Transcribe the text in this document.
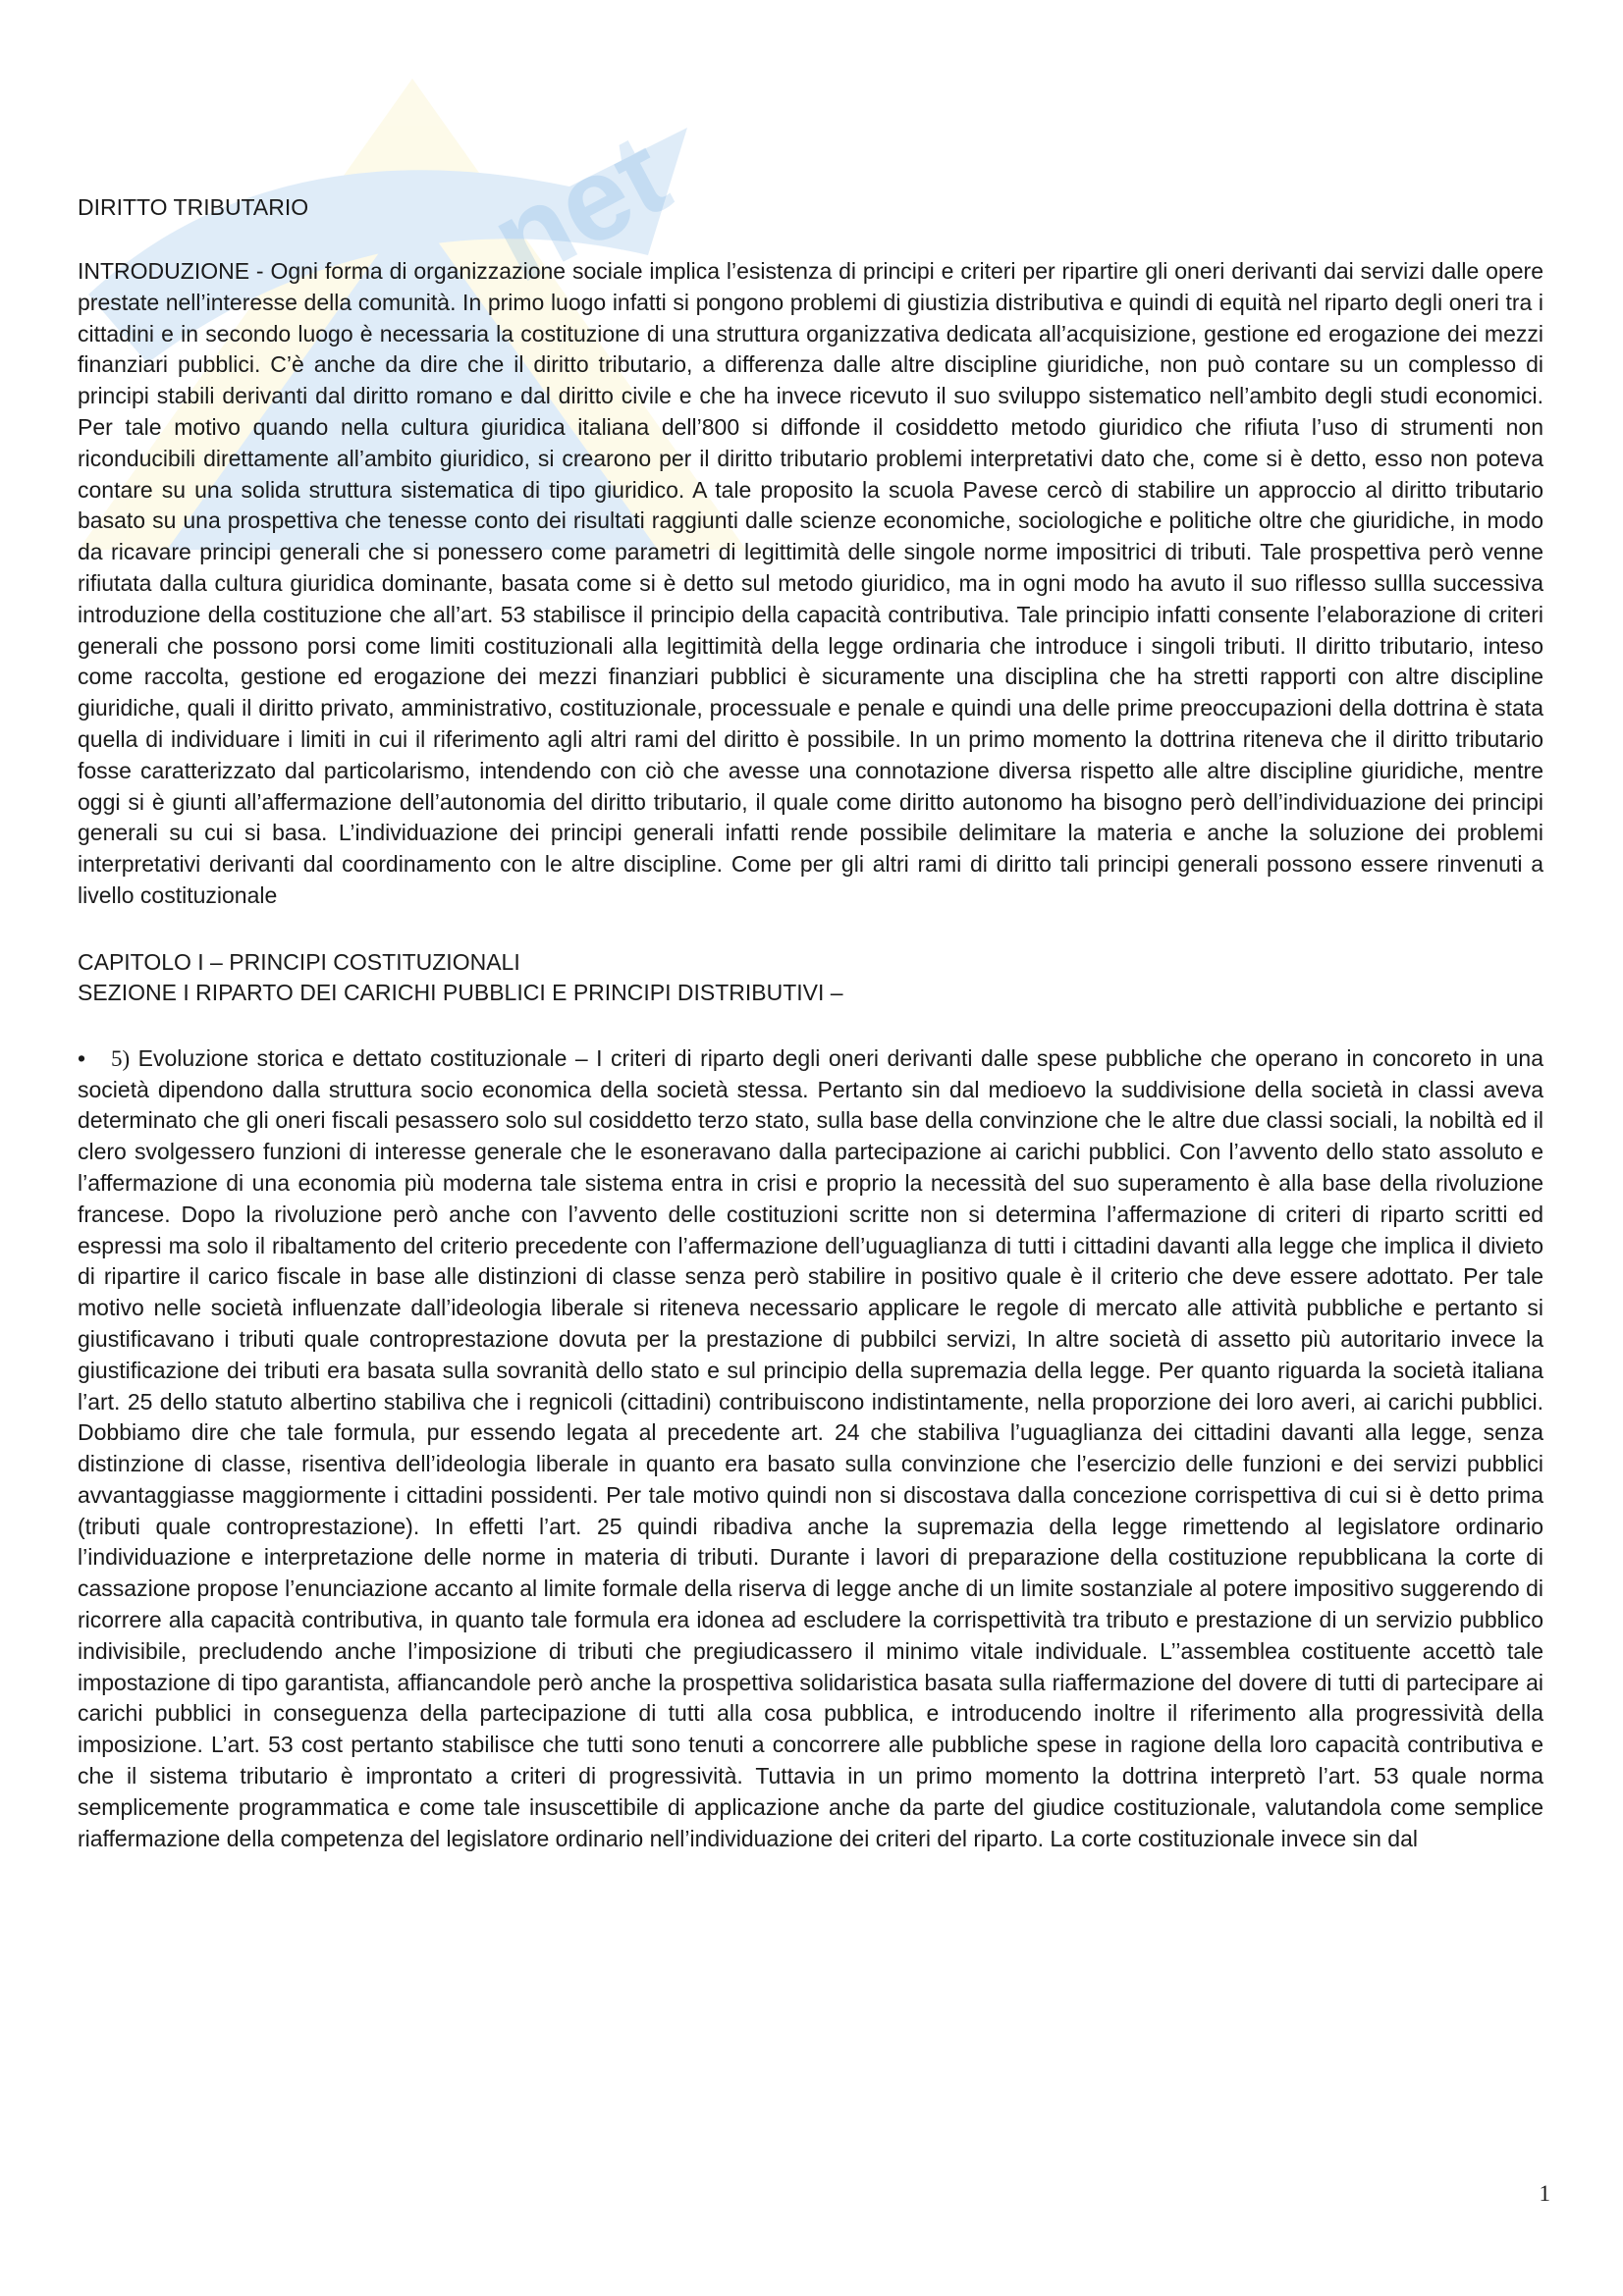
net
DIRITTO TRIBUTARIO

INTRODUZIONE - Ogni forma di organizzazione sociale implica l’esistenza di principi e criteri per ripartire gli oneri derivanti dai servizi dalle opere prestate nell’interesse della comunità. In primo luogo infatti si pongono problemi di giustizia distributiva e quindi di equità nel riparto degli oneri tra i cittadini e in secondo luogo è necessaria la costituzione di una struttura organizzativa dedicata all’acquisizione, gestione ed erogazione dei mezzi finanziari pubblici. C’è anche da dire che il diritto tributario, a differenza dalle altre discipline giuridiche, non può contare su un complesso di principi stabili derivanti dal diritto romano e dal diritto civile e che ha invece ricevuto il suo sviluppo sistematico nell’ambito degli studi economici. Per tale motivo quando nella cultura giuridica italiana dell’800 si diffonde il cosiddetto metodo giuridico che rifiuta l’uso di strumenti non riconducibili direttamente all’ambito giuridico, si crearono per il diritto tributario problemi interpretativi dato che, come si è detto, esso non poteva contare su una solida struttura sistematica di tipo giuridico. A tale proposito la scuola Pavese cercò di stabilire un approccio al diritto tributario basato su una prospettiva che tenesse conto dei risultati raggiunti dalle scienze economiche, sociologiche e politiche oltre che giuridiche, in modo da ricavare principi generali che si ponessero come parametri di legittimità delle singole norme impositrici di tributi. Tale prospettiva però venne rifiutata dalla cultura giuridica dominante, basata come si è detto sul metodo giuridico, ma in ogni modo ha avuto il suo riflesso sullla successiva introduzione della costituzione che all’art. 53 stabilisce il principio della capacità contributiva. Tale principio infatti consente l’elaborazione di criteri generali che possono porsi come limiti costituzionali alla legittimità della legge ordinaria che introduce i singoli tributi. Il diritto tributario, inteso come raccolta, gestione ed erogazione dei mezzi finanziari pubblici è sicuramente una disciplina che ha stretti rapporti con altre discipline giuridiche, quali il diritto privato, amministrativo, costituzionale, processuale e penale e quindi una delle prime preoccupazioni della dottrina è stata quella di individuare i limiti in cui il riferimento agli altri rami del diritto è possibile. In un primo momento la dottrina riteneva che il diritto tributario fosse caratterizzato dal particolarismo, intendendo con ciò che avesse una connotazione diversa rispetto alle altre discipline giuridiche, mentre oggi si è giunti all’affermazione dell’autonomia del diritto tributario, il quale come diritto autonomo ha bisogno però dell’individuazione dei principi generali su cui si basa. L’individuazione dei principi generali infatti rende possibile delimitare la materia e anche la soluzione dei problemi interpretativi derivanti dal coordinamento con le altre discipline. Come per gli altri rami di diritto tali principi generali possono essere rinvenuti a livello costituzionale

CAPITOLO I – PRINCIPI COSTITUZIONALI
SEZIONE I RIPARTO DEI CARICHI PUBBLICI E PRINCIPI DISTRIBUTIVI –

• 5) Evoluzione storica e dettato costituzionale – I criteri di riparto degli oneri derivanti dalle spese pubbliche che operano in concoreto in una società dipendono dalla struttura socio economica della società stessa. Pertanto sin dal medioevo la suddivisione della società in classi aveva determinato che gli oneri fiscali pesassero solo sul cosiddetto terzo stato, sulla base della convinzione che le altre due classi sociali, la nobiltà ed il clero svolgessero funzioni di interesse generale che le esoneravano dalla partecipazione ai carichi pubblici. Con l’avvento dello stato assoluto e l’affermazione di una economia più moderna tale sistema entra in crisi e proprio la necessità del suo superamento è alla base della rivoluzione francese. Dopo la rivoluzione però anche con l’avvento delle costituzioni scritte non si determina l’affermazione di criteri di riparto scritti ed espressi ma solo il ribaltamento del criterio precedente con l’affermazione dell’uguaglianza di tutti i cittadini davanti alla legge che implica il divieto di ripartire il carico fiscale in base alle distinzioni di classe senza però stabilire in positivo quale è il criterio che deve essere adottato. Per tale motivo nelle società influenzate dall’ideologia liberale si riteneva necessario applicare le regole di mercato alle attività pubbliche e pertanto si giustificavano i tributi quale controprestazione dovuta per la prestazione di pubbilci servizi, In altre società di assetto più autoritario invece la giustificazione dei tributi era basata sulla sovranità dello stato e sul principio della supremazia della legge. Per quanto riguarda la società italiana l’art. 25 dello statuto albertino stabiliva che i regnicoli (cittadini) contribuiscono indistintamente, nella proporzione dei loro averi, ai carichi pubblici. Dobbiamo dire che tale formula, pur essendo legata al precedente art. 24 che stabiliva l’uguaglianza dei cittadini davanti alla legge, senza distinzione di classe, risentiva dell’ideologia liberale in quanto era basato sulla convinzione che l’esercizio delle funzioni e dei servizi pubblici avvantaggiasse maggiormente i cittadini possidenti. Per tale motivo quindi non si discostava dalla concezione corrispettiva di cui si è detto prima (tributi quale controprestazione). In effetti l’art. 25 quindi ribadiva anche la supremazia della legge rimettendo al legislatore ordinario l’individuazione e interpretazione delle norme in materia di tributi. Durante i lavori di preparazione della costituzione repubblicana la corte di cassazione propose l’enunciazione accanto al limite formale della riserva di legge anche di un limite sostanziale al potere impositivo suggerendo di ricorrere alla capacità contributiva, in quanto tale formula era idonea ad escludere la corrispettività tra tributo e prestazione di un servizio pubblico indivisibile, precludendo anche l’imposizione di tributi che pregiudicassero il minimo vitale individuale. L’’assemblea costituente accettò tale impostazione di tipo garantista, affiancandole però anche la prospettiva solidaristica basata sulla riaffermazione del dovere di tutti di partecipare ai carichi pubblici in conseguenza della partecipazione di tutti alla cosa pubblica, e introducendo inoltre il riferimento alla progressività della imposizione. L’art. 53 cost pertanto stabilisce che tutti sono tenuti a concorrere alle pubbliche spese in ragione della loro capacità contributiva e che il sistema tributario è improntato a criteri di progressività. Tuttavia in un primo momento la dottrina interpretò l’art. 53 quale norma semplicemente programmatica e come tale insuscettibile di applicazione anche da parte del giudice costituzionale, valutandola come semplice riaffermazione della competenza del legislatore ordinario nell’individuazione dei criteri del riparto. La corte costituzionale invece sin dal

1
